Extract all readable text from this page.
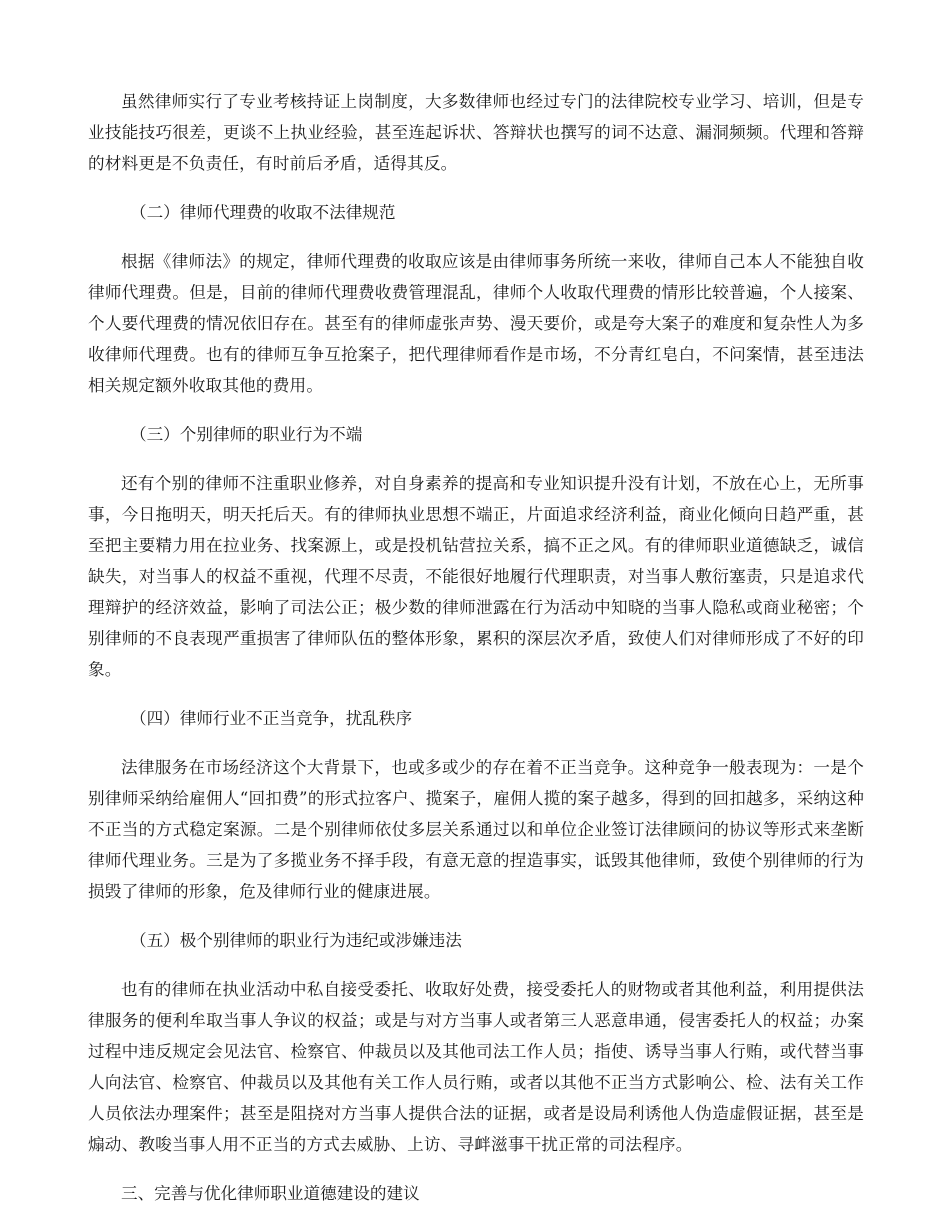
虽然律师实行了专业考核持证上岗制度，大多数律师也经过专门的法律院校专业学习、培训，但是专业技能技巧很差，更谈不上执业经验，甚至连起诉状、答辩状也撰写的词不达意、漏洞频频。代理和答辩的材料更是不负责任，有时前后矛盾，适得其反。

（二）律师代理费的收取不法律规范

根据《律师法》的规定，律师代理费的收取应该是由律师事务所统一来收，律师自己本人不能独自收律师代理费。但是，目前的律师代理费收费管理混乱，律师个人收取代理费的情形比较普遍，个人接案、个人要代理费的情况依旧存在。甚至有的律师虚张声势、漫天要价，或是夸大案子的难度和复杂性人为多收律师代理费。也有的律师互争互抢案子，把代理律师看作是市场，不分青红皂白，不问案情，甚至违法相关规定额外收取其他的费用。

（三）个别律师的职业行为不端

还有个别的律师不注重职业修养，对自身素养的提高和专业知识提升没有计划，不放在心上，无所事事，今日拖明天，明天托后天。有的律师执业思想不端正，片面追求经济利益，商业化倾向日趋严重，甚至把主要精力用在拉业务、找案源上，或是投机钻营拉关系，搞不正之风。有的律师职业道德缺乏，诚信缺失，对当事人的权益不重视，代理不尽责，不能很好地履行代理职责，对当事人敷衍塞责，只是追求代理辩护的经济效益，影响了司法公正；极少数的律师泄露在行为活动中知晓的当事人隐私或商业秘密；个别律师的不良表现严重损害了律师队伍的整体形象，累积的深层次矛盾，致使人们对律师形成了不好的印象。

（四）律师行业不正当竞争，扰乱秩序

法律服务在市场经济这个大背景下，也或多或少的存在着不正当竞争。这种竞争一般表现为：一是个别律师采纳给雇佣人“回扣费”的形式拉客户、揽案子，雇佣人揽的案子越多，得到的回扣越多，采纳这种不正当的方式稳定案源。二是个别律师依仗多层关系通过以和单位企业签订法律顾问的协议等形式来垄断律师代理业务。三是为了多揽业务不择手段，有意无意的捏造事实，诋毁其他律师，致使个别律师的行为损毁了律师的形象，危及律师行业的健康进展。

（五）极个别律师的职业行为违纪或涉嫌违法

也有的律师在执业活动中私自接受委托、收取好处费，接受委托人的财物或者其他利益，利用提供法律服务的便利牟取当事人争议的权益；或是与对方当事人或者第三人恶意串通，侵害委托人的权益；办案过程中违反规定会见法官、检察官、仲裁员以及其他司法工作人员；指使、诱导当事人行贿，或代替当事人向法官、检察官、仲裁员以及其他有关工作人员行贿，或者以其他不正当方式影响公、检、法有关工作人员依法办理案件；甚至是阻挠对方当事人提供合法的证据，或者是设局利诱他人伪造虚假证据，甚至是煽动、教唆当事人用不正当的方式去威胁、上访、寻衅滋事干扰正常的司法程序。

三、完善与优化律师职业道德建设的建议
